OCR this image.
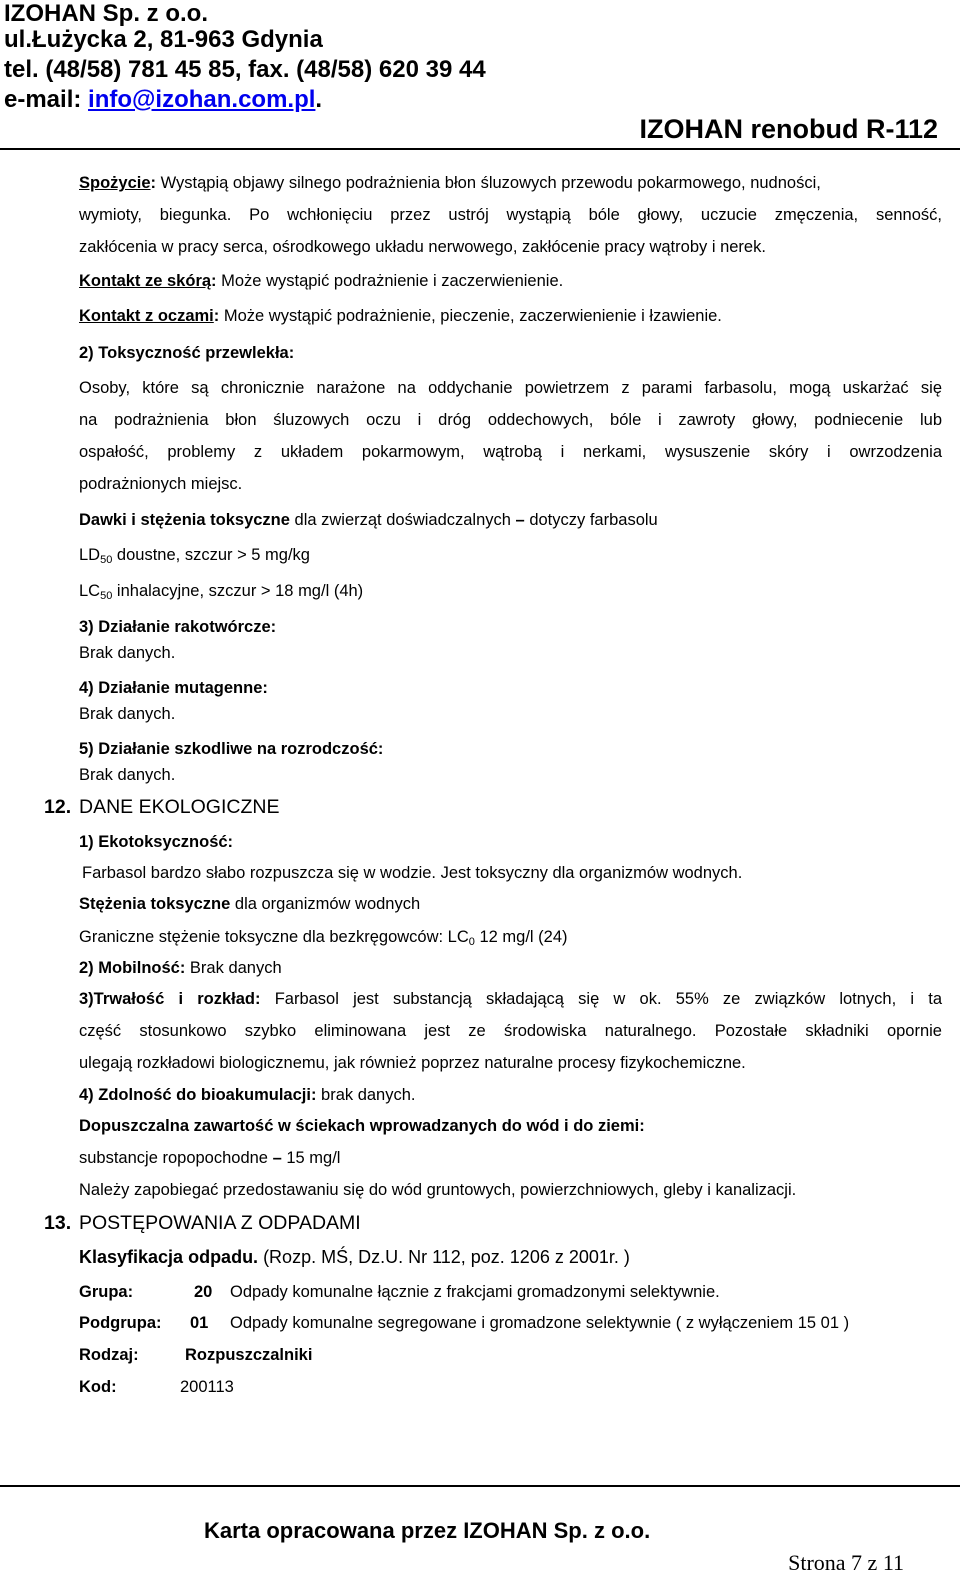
IZOHAN Sp. z o.o.
ul.Łużycka 2, 81-963 Gdynia
tel. (48/58) 781 45 85, fax. (48/58) 620 39 44
e-mail: info@izohan.com.pl.
IZOHAN renobud R-112
Spożycie: Wystąpią objawy silnego podrażnienia błon śluzowych przewodu pokarmowego, nudności,
wymioty, biegunka. Po wchłonięciu przez ustrój wystąpią bóle głowy, uczucie zmęczenia, senność,
zakłócenia w pracy serca, ośrodkowego układu nerwowego, zakłócenie pracy wątroby i nerek.
Kontakt ze skórą: Może wystąpić podrażnienie i zaczerwienienie.
Kontakt z oczami: Może wystąpić podrażnienie, pieczenie, zaczerwienienie i łzawienie.
2) Toksyczność przewlekła:
Osoby, które są chronicznie narażone na oddychanie powietrzem z parami farbasolu, mogą uskarżać się
na podrażnienia błon śluzowych oczu i dróg oddechowych, bóle i zawroty głowy, podniecenie lub
ospałość, problemy z układem pokarmowym, wątrobą i nerkami, wysuszenie skóry i owrzodzenia
podrażnionych miejsc.
Dawki i stężenia toksyczne dla zwierząt doświadczalnych – dotyczy farbasolu
$LD_{50}$ doustne, szczur > 5 mg/kg
$LC_{50}$ inhalacyjne, szczur > 18 mg/l (4h)
3) Działanie rakotwórcze:
Brak danych.
4) Działanie mutagenne:
Brak danych.
5) Działanie szkodliwe na rozrodczość:
Brak danych.
12. DANE EKOLOGICZNE
1) Ekotoksyczność:
Farbasol bardzo słabo rozpuszcza się w wodzie. Jest toksyczny dla organizmów wodnych.
Stężenia toksyczne dla organizmów wodnych
Graniczne stężenie toksyczne dla bezkręgowców: $LC_0$ 12 mg/l (24)
2) Mobilność: Brak danych
3)Trwałość i rozkład: Farbasol jest substancją składającą się w ok. 55% ze związków lotnych, i ta
część stosunkowo szybko eliminowana jest ze środowiska naturalnego. Pozostałe składniki opornie
ulegają rozkładowi biologicznemu, jak również poprzez naturalne procesy fizykochemiczne.
4) Zdolność do bioakumulacji: brak danych.
Dopuszczalna zawartość w ściekach wprowadzanych do wód i do ziemi:
substancje ropopochodne – 15 mg/l
Należy zapobiegać przedostawaniu się do wód gruntowych, powierzchniowych, gleby i kanalizacji.
13. POSTĘPOWANIA Z ODPADAMI
Klasyfikacja odpadu. (Rozp. MŚ, Dz.U. Nr 112, poz. 1206 z 2001r. )
Grupa:	20 Odpady komunalne łącznie z frakcjami gromadzonymi selektywnie.
Podgrupa: 01 Odpady komunalne segregowane i gromadzone selektywnie ( z wyłączeniem 15 01 )
Rodzaj:	Rozpuszczalniki
Kod:	200113
Karta opracowana przez IZOHAN Sp. z o.o.
Strona 7 z 11
